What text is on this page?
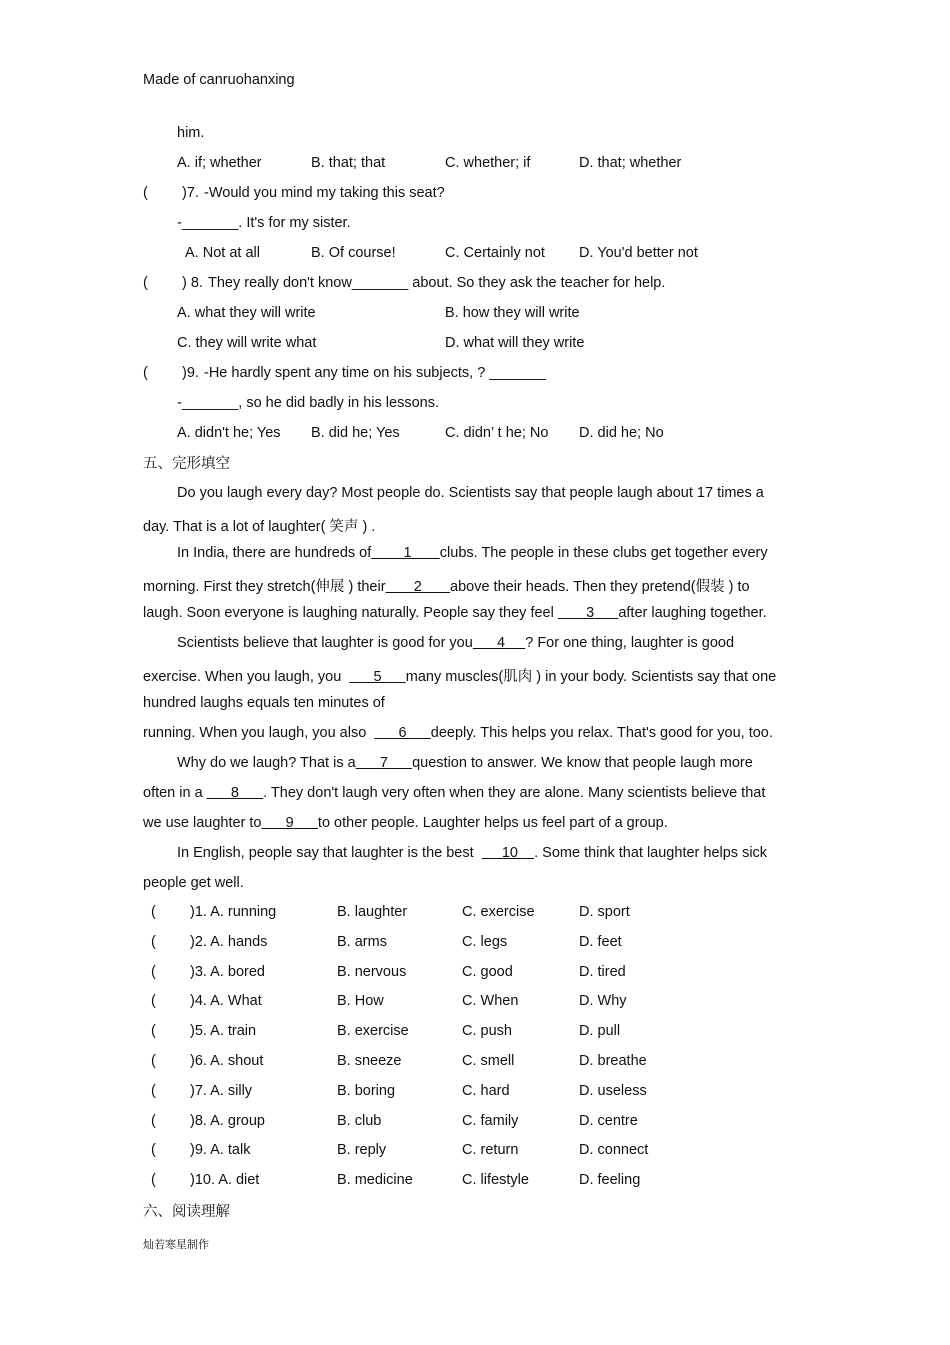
Made of canruohanxing
him.
A. if; whether	B. that; that	C. whether; if	D. that; whether
( )7. -Would you mind my taking this seat?
-_______. It's for my sister.
A. Not at all	B. Of course!	C. Certainly not D. You'd better not
( ) 8. They really don't know_______ about. So they ask the teacher for help.
A. what they will write	B. how they will write
C. they will write what	D. what will they write
( )9. -He hardly spent any time on his subjects, ? _______
-_______, so he did badly in his lessons.
A. didn't he; Yes B. did he; Yes	C. didn’ t he; No D. did he; No
五、完形填空
Do you laugh every day? Most people do. Scientists say that people laugh about 17 times a
day. That is a lot of laughter( 笑声 ) .
In India, there are hundreds of 1 clubs. The people in these clubs get together every
morning. First they stretch(伸展 ) their 2 above their heads. Then they pretend(假装 ) to
laugh. Soon everyone is laughing naturally. People say they feel 3 after laughing together.
Scientists believe that laughter is good for you 4 ? For one thing, laughter is good
exercise. When you laugh, you 5 many muscles(肌肉 ) in your body. Scientists say that one
hundred laughs equals ten minutes of
running. When you laugh, you also 6 deeply. This helps you relax. That's good for you, too.
Why do we laugh? That is a 7 question to answer. We know that people laugh more
often in a 8 . They don't laugh very often when they are alone. Many scientists believe that
we use laughter to 9 to other people. Laughter helps us feel part of a group.
In English, people say that laughter is the best 10 . Some think that laughter helps sick
people get well.
( )1. A. running	B. laughter	C. exercise	D. sport
( )2. A. hands	B. arms	C. legs	D. feet
( )3. A. bored	B. nervous	C. good	D. tired
( )4. A. What	B. How	C. When	D. Why
( )5. A. train	B. exercise	C. push	D. pull
( )6. A. shout	B. sneeze	C. smell	D. breathe
( )7. A. silly	B. boring	C. hard	D. useless
( )8. A. group	B. club	C. family	D. centre
( )9. A. talk	B. reply	C. return	D. connect
( )10. A. diet	B. medicine	C. lifestyle	D. feeling
六、阅读理解
灿若寒星制作
